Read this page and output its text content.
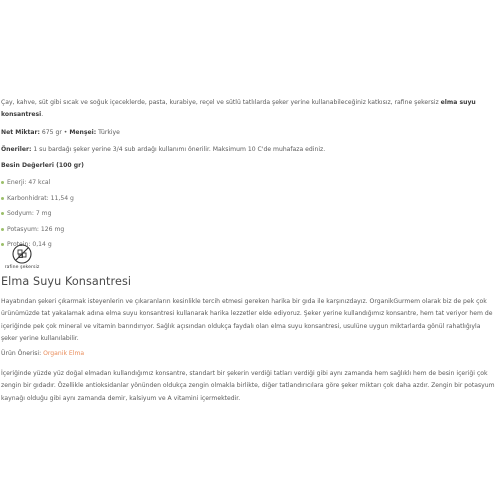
Çay, kahve, süt gibi sıcak ve soğuk içeceklerde, pasta, kurabiye, reçel ve sütlü tatlılarda şeker yerine kullanabileceğiniz katkısız, rafine şekersiz elma suyu konsantresi.

Net Miktar: 675 gr • Menşei: Türkiye

Öneriler: 1 su bardağı şeker yerine 3/4 sub ardağı kullanımı önerilir. Maksimum 10 C'de muhafaza ediniz.

Besin Değerleri (100 gr)

Enerji: 47 kcal
Karbonhidrat: 11,54 g
Sodyum: 7 mg
Potasyum: 126 mg
Protein: 0,14 g
rafine şekersiz
Elma Suyu Konsantresi

Hayatından şekeri çıkarmak isteyenlerin ve çıkaranların kesinlikle tercih etmesi gereken harika bir gıda ile karşınızdayız. OrganikGurmem olarak biz de pek çok ürünümüzde tat yakalamak adına elma suyu konsantresi kullanarak harika lezzetler elde ediyoruz. Şeker yerine kullandığımız konsantre, hem tat veriyor hem de içeriğinde pek çok mineral ve vitamin barındırıyor. Sağlık açısından oldukça faydalı olan elma suyu konsantresi, usulüne uygun miktarlarda gönül rahatlığıyla şeker yerine kullanılabilir.

Ürün Önerisi: Organik Elma

İçeriğinde yüzde yüz doğal elmadan kullandığımız konsantre, standart bir şekerin verdiği tatları verdiği gibi aynı zamanda hem sağlıklı hem de besin içeriği çok zengin bir gıdadır. Özellikle antioksidanlar yönünden oldukça zengin olmakla birlikte, diğer tatlandırıcılara göre şeker miktarı çok daha azdır. Zengin bir potasyum kaynağı olduğu gibi aynı zamanda demir, kalsiyum ve A vitamini içermektedir.
